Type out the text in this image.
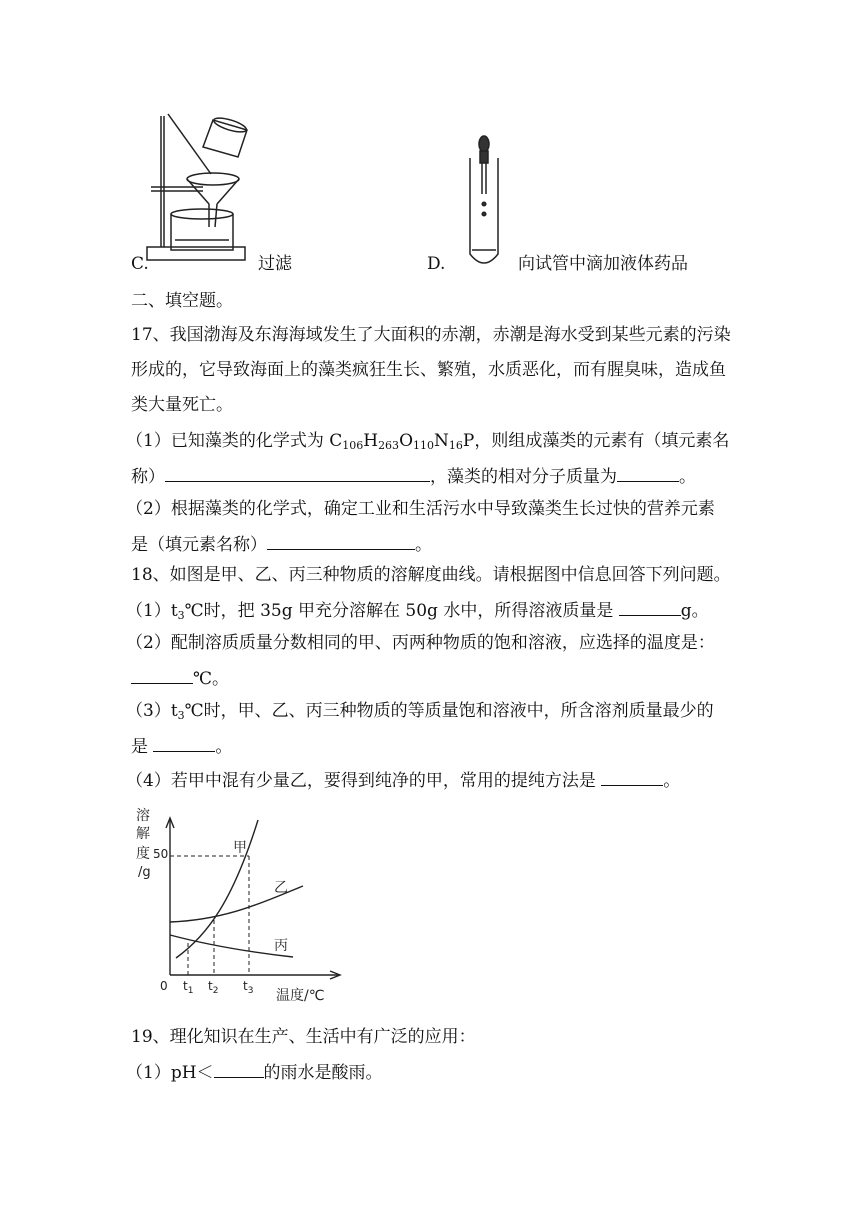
C.	过滤	D.	向试管中滴加液体药品
二、填空题。
17、我国渤海及东海海域发生了大面积的赤潮，赤潮是海水受到某些元素的污染
形成的，它导致海面上的藻类疯狂生长、繁殖，水质恶化，而有腥臭味，造成鱼
类大量死亡。
（1）已知藻类的化学式为 $C_{106}H_{263}O_{110}N_{16}P$，则组成藻类的元素有（填元素名
称）	，藻类的相对分子质量为	。
（2）根据藻类的化学式，确定工业和生活污水中导致藻类生长过快的营养元素
是（填元素名称）	。
18、如图是甲、乙、丙三种物质的溶解度曲线。请根据图中信息回答下列问题。
$(1)t_3℃$时，把 35g 甲充分溶解在 50g 水中，所得溶液质量是	g。
（2）配制溶质质量分数相同的甲、丙两种物质的饱和溶液，应选择的温度是：
℃。
$(3)t_3℃$时，甲、乙、丙三种物质的等质量饱和溶液中，所含溶剂质量最少的
是	。
（4）若甲中混有少量乙，要得到纯净的甲，常用的提纯方法是	。
溶
解
度
/g
50
0 $t_1$ $t_2$ $t_3$ 温度/℃
甲
乙
丙
19、理化知识在生产、生活中有广泛的应用：
（1）pH＜	的雨水是酸雨。
